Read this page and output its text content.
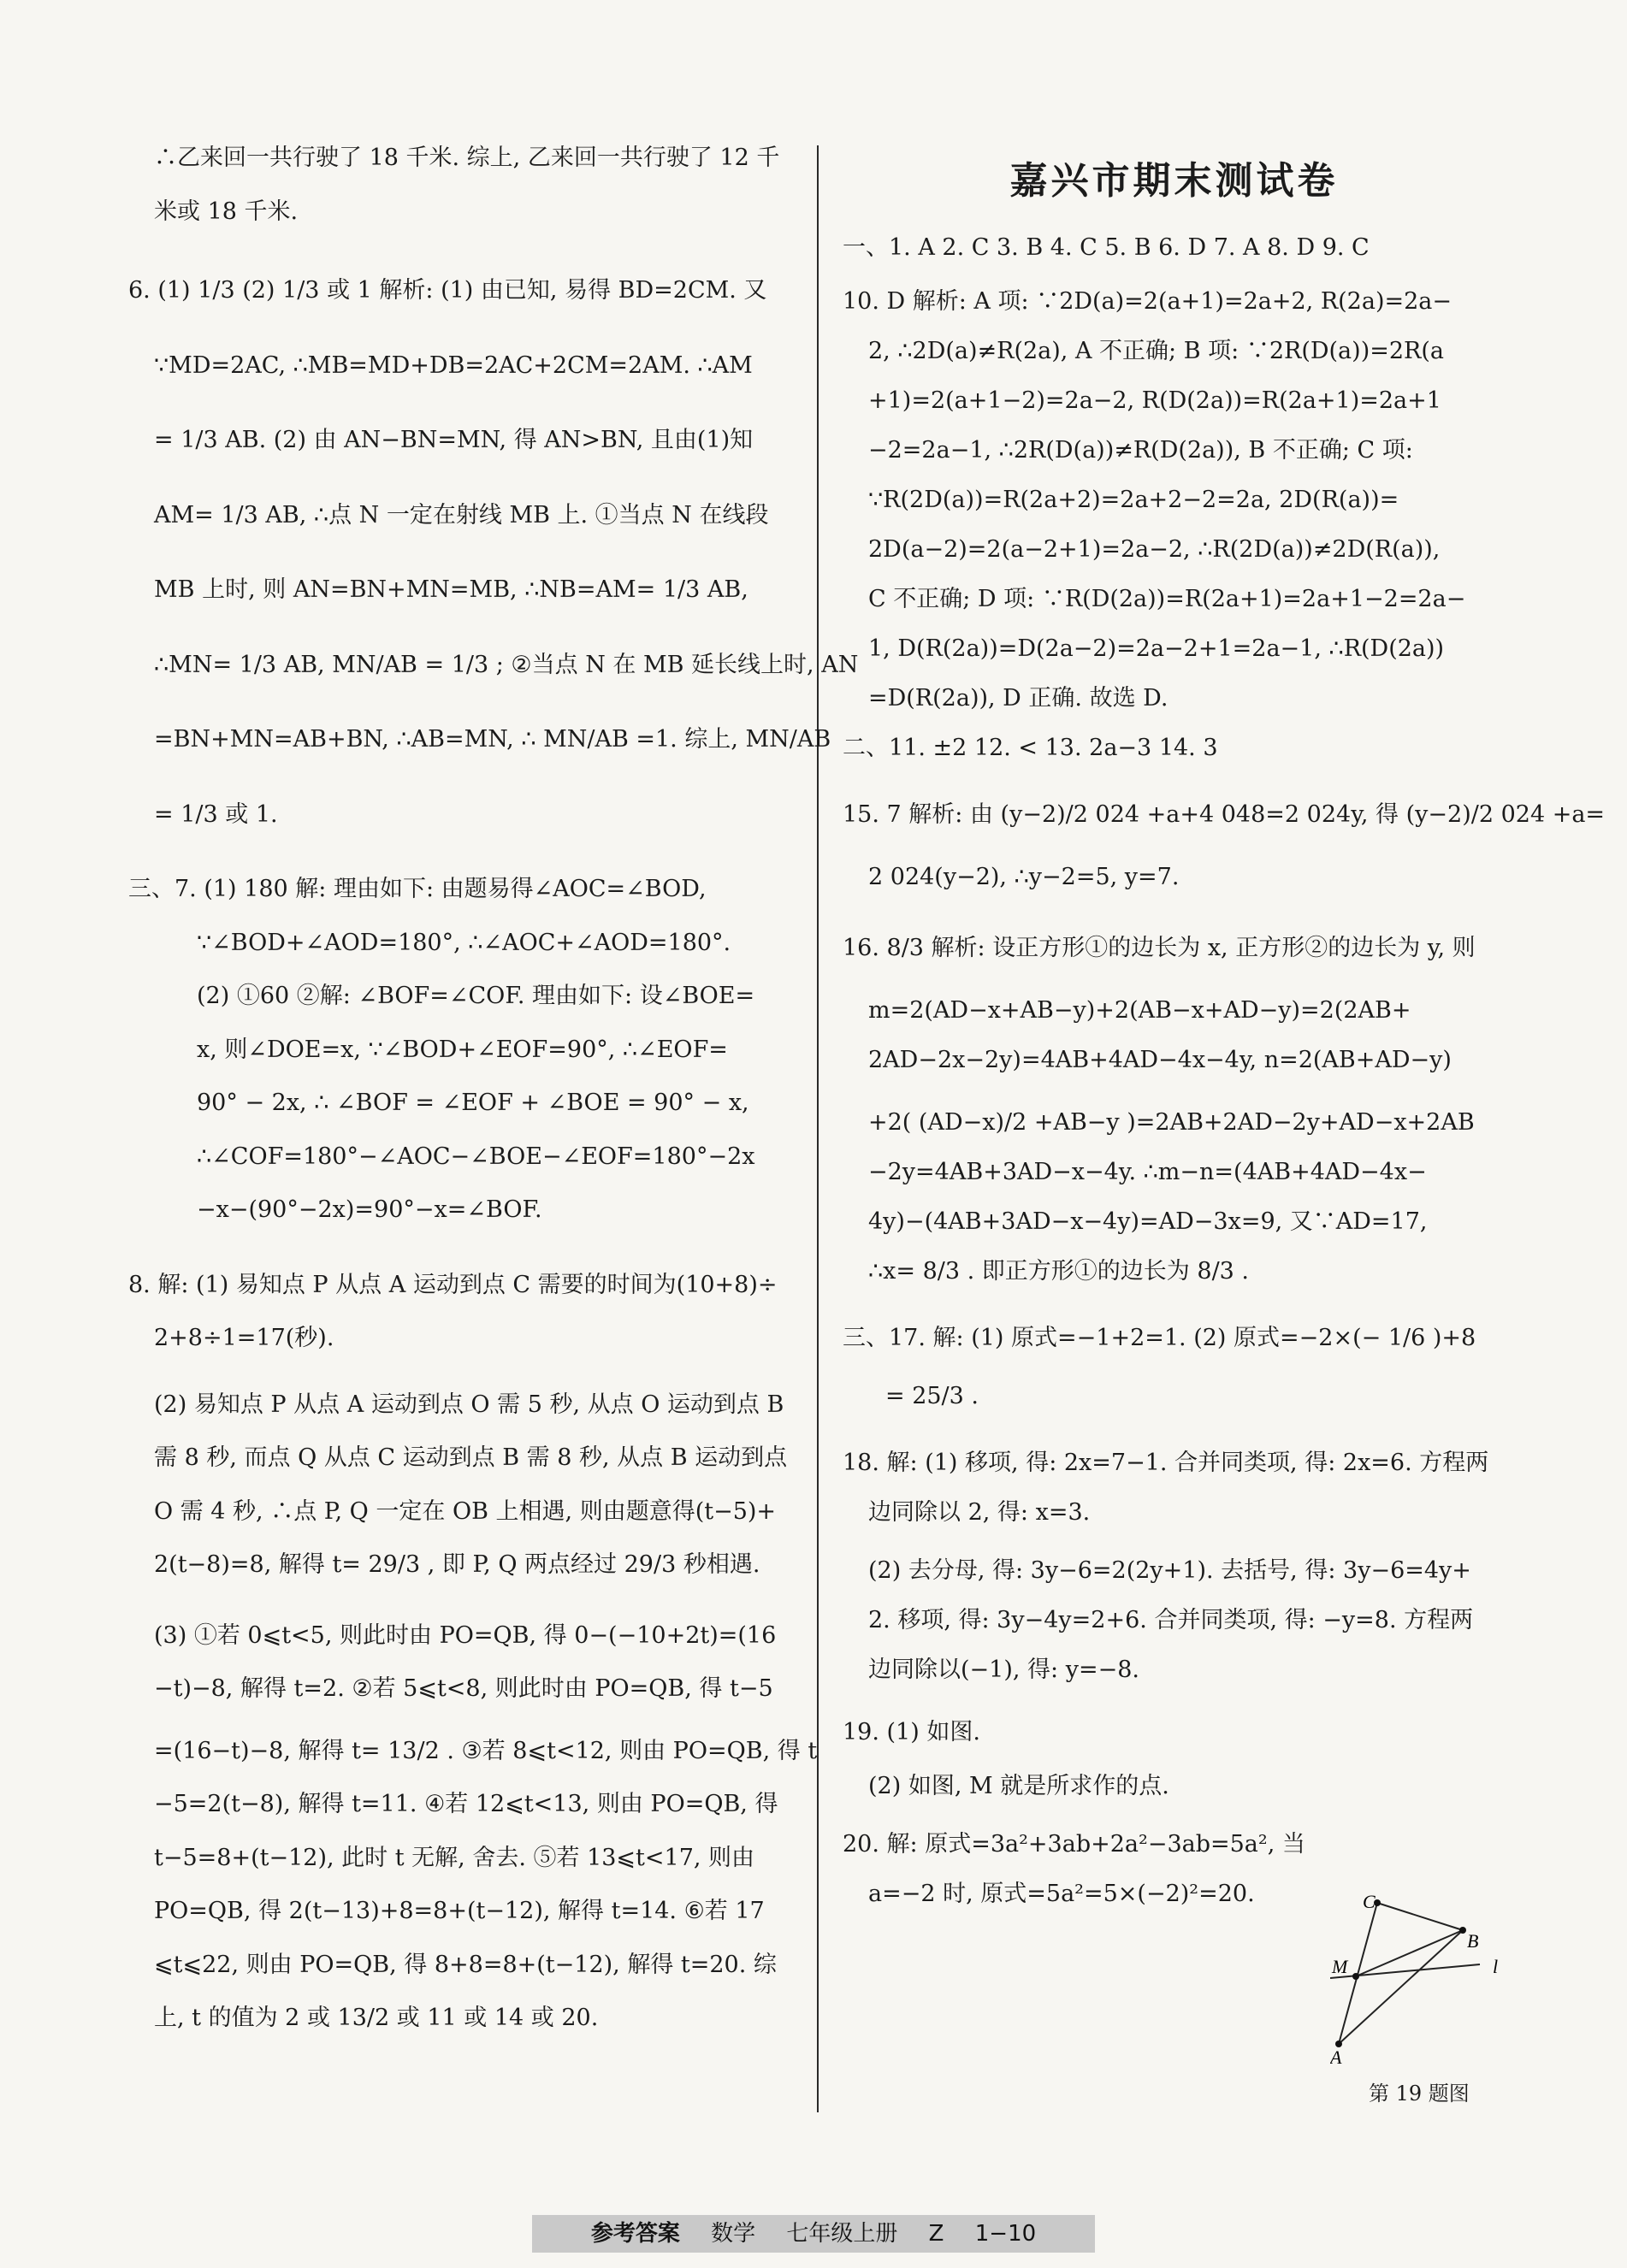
嘉兴市期末测试卷
∴乙来回一共行驶了 18 千米. 综上, 乙来回一共行驶了 12 千
米或 18 千米.
6. (1) 1/3 (2) 1/3 或 1 解析: (1) 由已知, 易得 BD=2CM. 又
∵MD=2AC, ∴MB=MD+DB=2AC+2CM=2AM. ∴AM
= 1/3 AB. (2) 由 AN−BN=MN, 得 AN>BN, 且由(1)知
AM= 1/3 AB, ∴点 N 一定在射线 MB 上. ①当点 N 在线段
MB 上时, 则 AN=BN+MN=MB, ∴NB=AM= 1/3 AB,
∴MN= 1/3 AB, MN/AB = 1/3 ; ②当点 N 在 MB 延长线上时, AN
=BN+MN=AB+BN, ∴AB=MN, ∴ MN/AB =1. 综上, MN/AB
= 1/3 或 1.
三、7. (1) 180 解: 理由如下: 由题易得∠AOC=∠BOD,
∵∠BOD+∠AOD=180°, ∴∠AOC+∠AOD=180°.
(2) ①60 ②解: ∠BOF=∠COF. 理由如下: 设∠BOE=
x, 则∠DOE=x, ∵∠BOD+∠EOF=90°, ∴∠EOF=
90° − 2x, ∴ ∠BOF = ∠EOF + ∠BOE = 90° − x,
∴∠COF=180°−∠AOC−∠BOE−∠EOF=180°−2x
−x−(90°−2x)=90°−x=∠BOF.
8. 解: (1) 易知点 P 从点 A 运动到点 C 需要的时间为(10+8)÷
2+8÷1=17(秒).
(2) 易知点 P 从点 A 运动到点 O 需 5 秒, 从点 O 运动到点 B
需 8 秒, 而点 Q 从点 C 运动到点 B 需 8 秒, 从点 B 运动到点
O 需 4 秒, ∴点 P, Q 一定在 OB 上相遇, 则由题意得(t−5)+
2(t−8)=8, 解得 t= 29/3 , 即 P, Q 两点经过 29/3 秒相遇.
(3) ①若 0⩽t<5, 则此时由 PO=QB, 得 0−(−10+2t)=(16
−t)−8, 解得 t=2. ②若 5⩽t<8, 则此时由 PO=QB, 得 t−5
=(16−t)−8, 解得 t= 13/2 . ③若 8⩽t<12, 则由 PO=QB, 得 t
−5=2(t−8), 解得 t=11. ④若 12⩽t<13, 则由 PO=QB, 得
t−5=8+(t−12), 此时 t 无解, 舍去. ⑤若 13⩽t<17, 则由
PO=QB, 得 2(t−13)+8=8+(t−12), 解得 t=14. ⑥若 17
⩽t⩽22, 则由 PO=QB, 得 8+8=8+(t−12), 解得 t=20. 综
上, t 的值为 2 或 13/2 或 11 或 14 或 20.
一、1. A 2. C 3. B 4. C 5. B 6. D 7. A 8. D 9. C
10. D 解析: A 项: ∵2D(a)=2(a+1)=2a+2, R(2a)=2a−
2, ∴2D(a)≠R(2a), A 不正确; B 项: ∵2R(D(a))=2R(a
+1)=2(a+1−2)=2a−2, R(D(2a))=R(2a+1)=2a+1
−2=2a−1, ∴2R(D(a))≠R(D(2a)), B 不正确; C 项:
∵R(2D(a))=R(2a+2)=2a+2−2=2a, 2D(R(a))=
2D(a−2)=2(a−2+1)=2a−2, ∴R(2D(a))≠2D(R(a)),
C 不正确; D 项: ∵R(D(2a))=R(2a+1)=2a+1−2=2a−
1, D(R(2a))=D(2a−2)=2a−2+1=2a−1, ∴R(D(2a))
=D(R(2a)), D 正确. 故选 D.
二、11. ±2 12. < 13. 2a−3 14. 3
15. 7 解析: 由 (y−2)/2 024 +a+4 048=2 024y, 得 (y−2)/2 024 +a=
2 024(y−2), ∴y−2=5, y=7.
16. 8/3 解析: 设正方形①的边长为 x, 正方形②的边长为 y, 则
m=2(AD−x+AB−y)+2(AB−x+AD−y)=2(2AB+
2AD−2x−2y)=4AB+4AD−4x−4y, n=2(AB+AD−y)
+2( (AD−x)/2 +AB−y )=2AB+2AD−2y+AD−x+2AB
−2y=4AB+3AD−x−4y. ∴m−n=(4AB+4AD−4x−
4y)−(4AB+3AD−x−4y)=AD−3x=9, 又∵AD=17,
∴x= 8/3 . 即正方形①的边长为 8/3 .
三、17. 解: (1) 原式=−1+2=1. (2) 原式=−2×(− 1/6 )+8
= 25/3 .
18. 解: (1) 移项, 得: 2x=7−1. 合并同类项, 得: 2x=6. 方程两
边同除以 2, 得: x=3.
(2) 去分母, 得: 3y−6=2(2y+1). 去括号, 得: 3y−6=4y+
2. 移项, 得: 3y−4y=2+6. 合并同类项, 得: −y=8. 方程两
边同除以(−1), 得: y=−8.
19. (1) 如图.
(2) 如图, M 就是所求作的点.
20. 解: 原式=3a²+3ab+2a²−3ab=5a², 当
a=−2 时, 原式=5a²=5×(−2)²=20.	C
B
M	l
A
第 19 题图
参考答案 数学 七年级上册 Z 1−10
